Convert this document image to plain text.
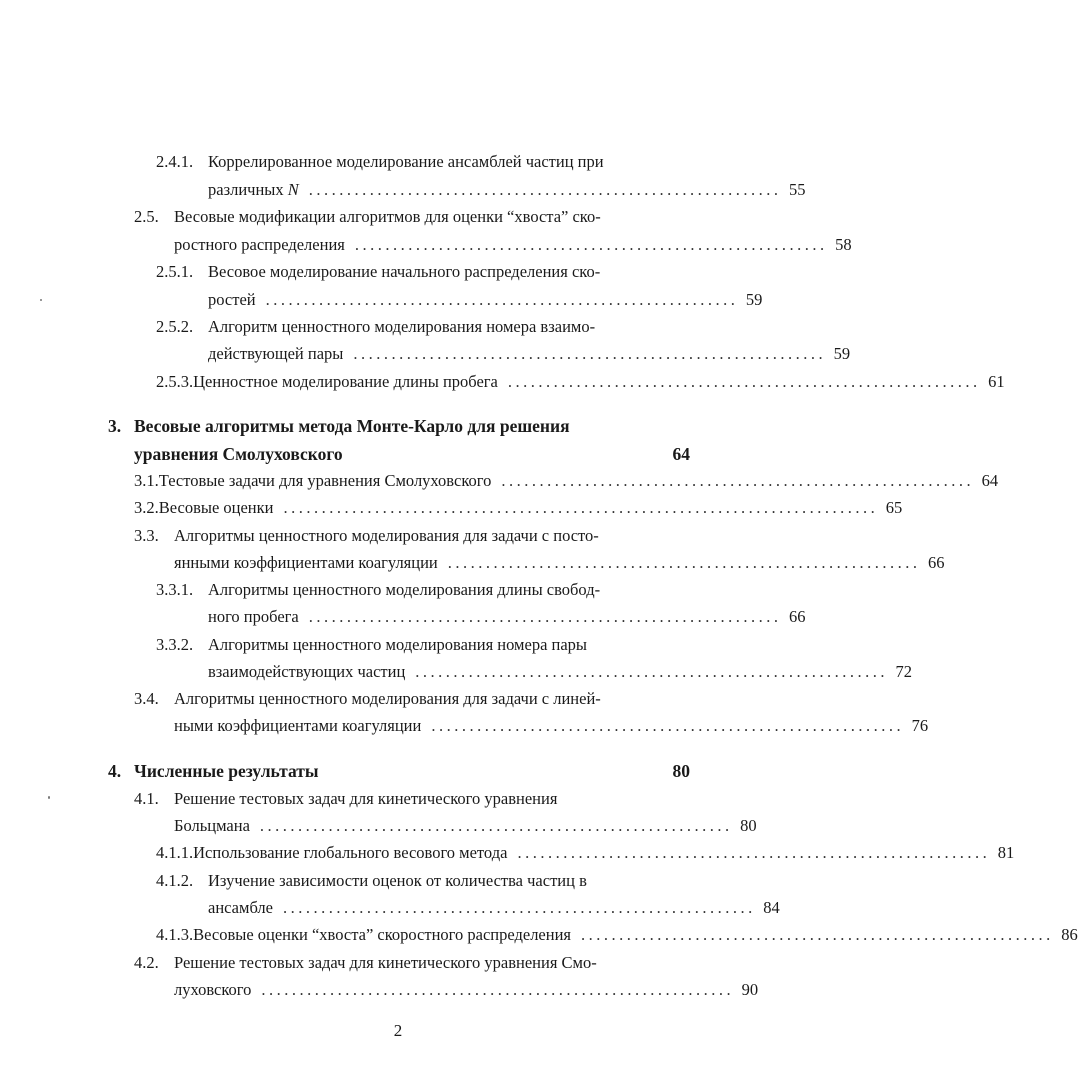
2.4.1. Коррелированное моделирование ансамблей частиц при
различных N .............................................................. 55
2.5. Весовые модификации алгоритмов для оценки “хвоста” ско-
ростного распределения .............................................................. 58
2.5.1. Весовое моделирование начального распределения ско-
ростей .............................................................. 59
2.5.2. Алгоритм ценностного моделирования номера взаимо-
действующей пары .............................................................. 59
2.5.3. Ценностное моделирование длины пробега .............................................................. 61
3. Весовые алгоритмы метода Монте-Карло для решения
уравнения Смолуховского	64
3.1. Тестовые задачи для уравнения Смолуховского .............................................................. 64
3.2. Весовые оценки .............................................................................. 65
3.3. Алгоритмы ценностного моделирования для задачи с посто-
янными коэффициентами коагуляции .............................................................. 66
3.3.1. Алгоритмы ценностного моделирования длины свобод-
ного пробега .............................................................. 66
3.3.2. Алгоритмы ценностного моделирования номера пары
взаимодействующих частиц .............................................................. 72
3.4. Алгоритмы ценностного моделирования для задачи с линей-
ными коэффициентами коагуляции .............................................................. 76
4. Численные результаты	80
4.1. Решение тестовых задач для кинетического уравнения
Больцмана .............................................................. 80
4.1.1. Использование глобального весового метода .............................................................. 81
4.1.2. Изучение зависимости оценок от количества частиц в
ансамбле .............................................................. 84
4.1.3. Весовые оценки “хвоста” скоростного распределения .............................................................. 86
4.2. Решение тестовых задач для кинетического уравнения Смо-
луховского .............................................................. 90
2
